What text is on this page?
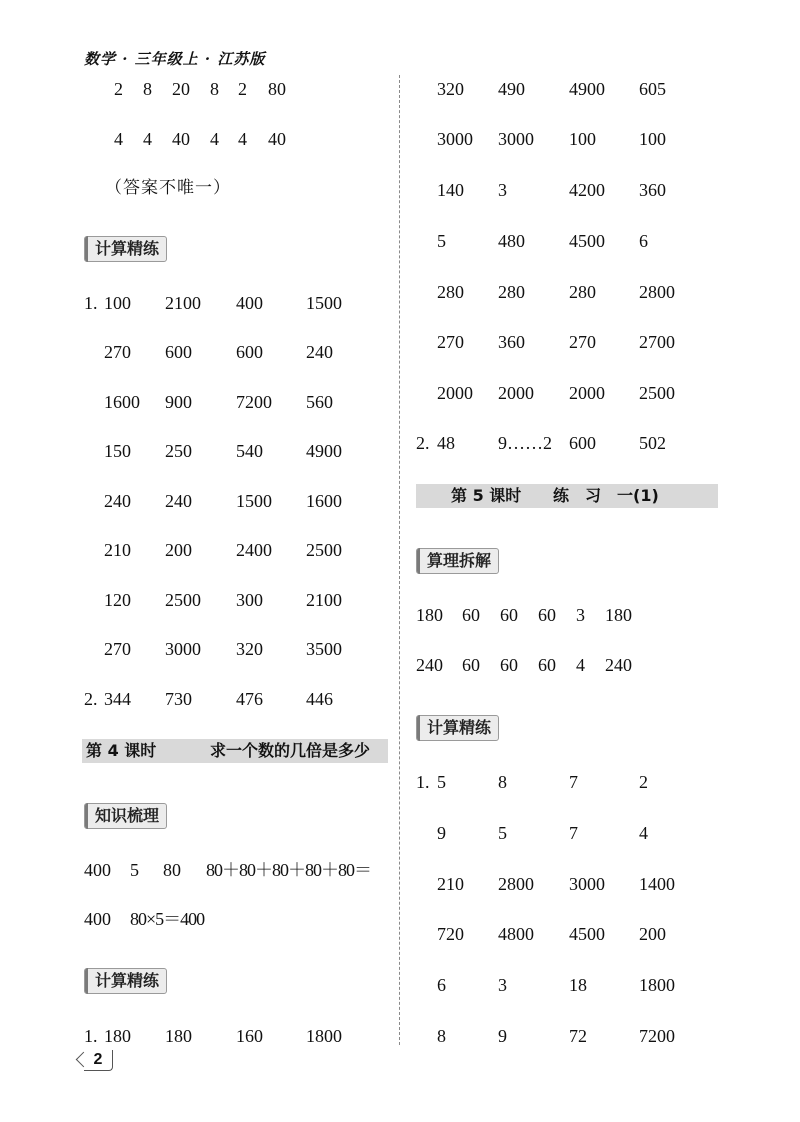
数学 · 三年级上 · 江苏版
2 8 20 8 2 80
4 4 40 4 4 40
（答案不唯一）
计算精练
1. 100 2100 400 1500
270 600 600 240
1600 900 7200 560
150 250 540 4900
240 240 1500 1600
210 200 2400 2500
120 2500 300 2100
270 3000 320 3500
2. 344 730 476 446
第 4 课时	求一个数的几倍是多少
知识梳理
400 5 80 80＋80＋80＋80＋80＝
400 80×5＝400
计算精练
1. 180 180 160 1800
320 490 4900 605
3000 3000 100 100
140 3	4200 360
5	480 4500 6
280 280 280 2800
270 360 270 2700
2000 2000 2000 2500
2. 48 9……2 600 502
第 5 课时 练　习　一(1)
算理拆解
180 60 60 60 3 180
240 60 60 60 4 240
计算精练
1. 5	8	7	2
9	5	7	4
210 2800 3000 1400
720 4800 4500 200
6	3	18	1800
8	9	72	7200
2
